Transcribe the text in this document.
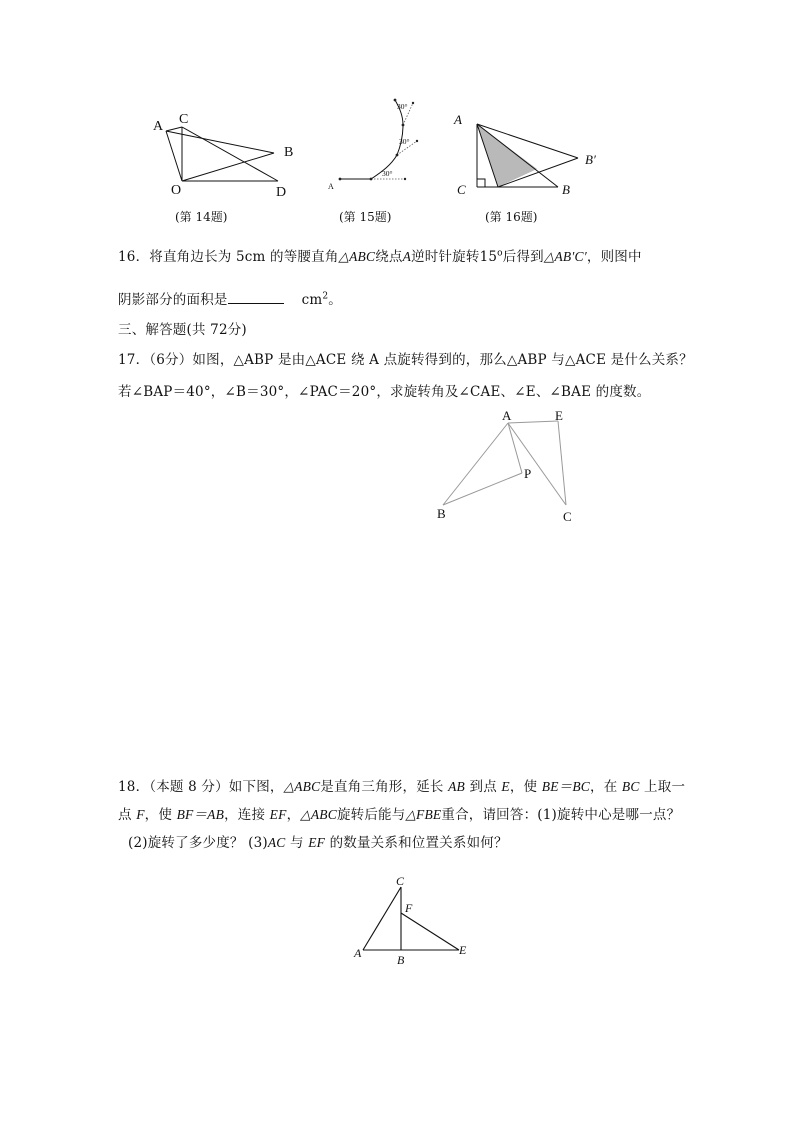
A C
B
O	D
(第 14题)
A
30°
30°
30°
(第 15题)
A
C	B
B′
(第 16题)
16．将直角边长为 5cm 的等腰直角△ABC绕点A逆时针旋转15$^o$后得到△AB′C′，则图中
阴影部分的面积是	$cm^2$。
三、解答题(共 72分)
17．（6分）如图，△ABP 是由△ACE 绕 A 点旋转得到的，那么△ABP 与△ACE 是什么关系？
若∠BAP＝40°，∠B＝30°，∠PAC＝20°，求旋转角及∠CAE、∠E、∠BAE 的度数。
A	E
P
B	C
18．（本题 8 分）如下图，△ABC是直角三角形，延长 AB 到点 E，使 BE＝BC，在 BC 上取一
点 F，使 BF＝AB，连接 EF，△ABC旋转后能与△FBE重合，请回答：(1)旋转中心是哪一点？
(2)旋转了多少度？ (3)AC 与 EF 的数量关系和位置关系如何？
C
F
A	B
E
